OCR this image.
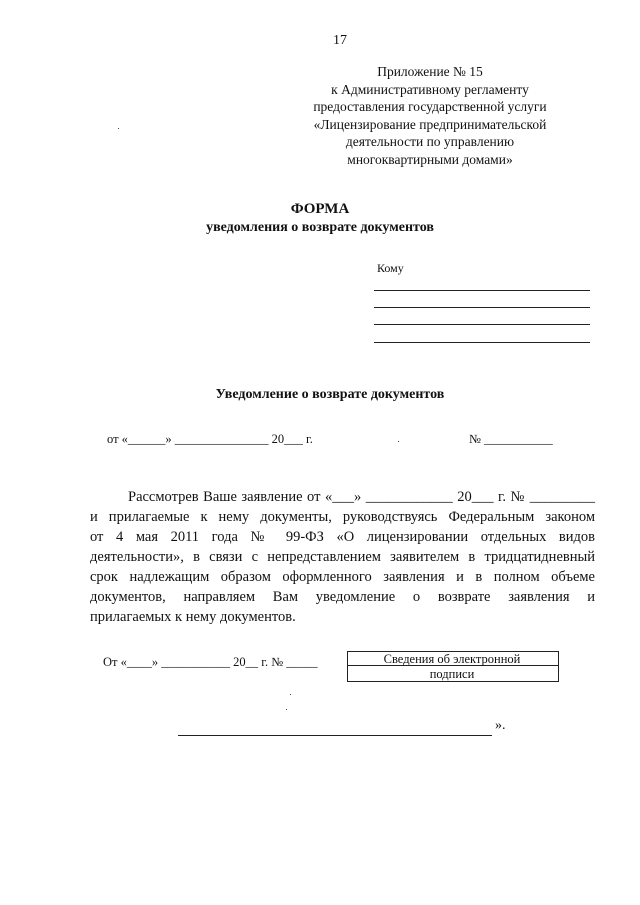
17
Приложение № 15
к Административному регламенту
предоставления государственной услуги
«Лицензирование предпринимательской
деятельности по управлению
многоквартирными домами»
ФОРМА
уведомления о возврате документов
Кому
Уведомление о возврате документов
от «______» _______________ 20___ г.	№ ___________
Рассмотрев Ваше заявление от «___» ____________ 20___ г. № _________
и прилагаемые к нему документы, руководствуясь Федеральным законом
от 4 мая 2011 года № 99-ФЗ «О лицензировании отдельных видов
деятельности», в связи с непредставлением заявителем в тридцатидневный
срок надлежащим образом оформленного заявления и в полном объеме
документов, направляем Вам уведомление о возврате заявления и
прилагаемых к нему документов.
От «____» ___________ 20__ г. № _____	Сведения об электронной
подписи
».
